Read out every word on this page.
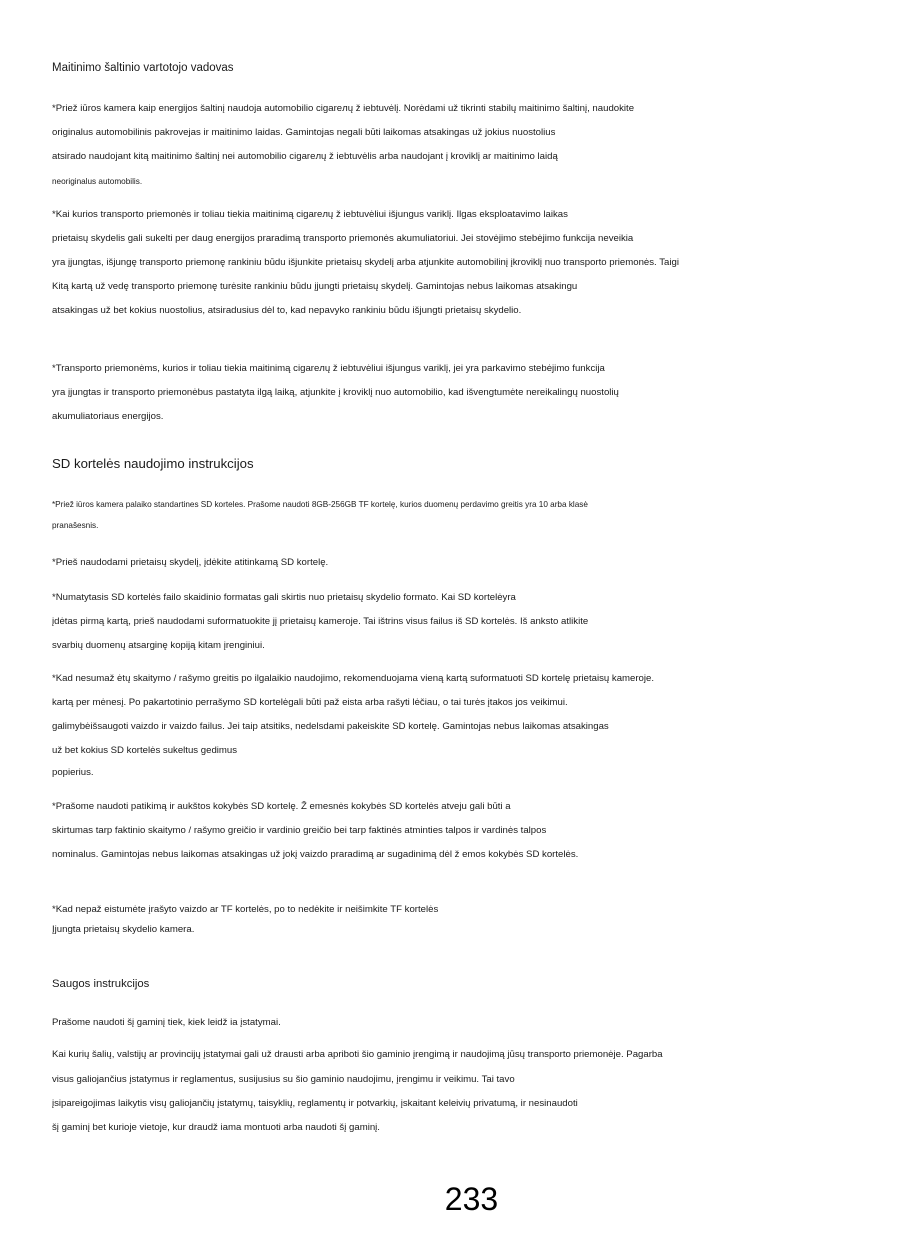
Maitinimo šaltinio vartotojo vadovas
*Priež iūros kamera kaip energijos šaltinį naudoja automobilio cigareлų ž iebtuvėlį. Norėdami už tikrinti stabilų maitinimo šaltinį, naudokite
originalus automobilinis pakrovejas ir maitinimo laidas. Gamintojas negali būti laikomas atsakingas už jokius nuostolius
atsirado naudojant kitą maitinimo šaltinį nei automobilio cigareлų ž iebtuvėlis arba naudojant į kroviklį ar maitinimo laidą
neoriginalus automobilis.
*Kai kurios transporto priemonės ir toliau tiekia maitinimą cigareлų ž iebtuvėliui išjungus variklį. Ilgas eksploatavimo laikas
prietaisų skydelis gali sukelti per daug energijos praradimą transporto priemonės akumuliatoriui. Jei stovėjimo stebėjimo funkcija neveikia
yra įjungtas, išjungę transporto priemonę rankiniu būdu išjunkite prietaisų skydelį arba atjunkite automobilinį įkroviklį nuo transporto priemonės. Taigi
Kitą kartą už vedę transporto priemonę turėsite rankiniu būdu įjungti prietaisų skydelį. Gamintojas nebus laikomas atsakingu
atsakingas už bet kokius nuostolius, atsiradusius dėl to, kad nepavyko rankiniu būdu išjungti prietaisų skydelio.
*Transporto priemonėms, kurios ir toliau tiekia maitinimą cigareлų ž iebtuvėliui išjungus variklį, jei yra parkavimo stebėjimo funkcija
yra įjungtas ir transporto priemonėbus pastatyta ilgą laiką, atjunkite į kroviklį nuo automobilio, kad išvengtumėte nereikalingų nuostolių
akumuliatoriaus energijos.
SD kortelės naudojimo instrukcijos
*Priež iūros kamera palaiko standartines SD korteles. Prašome naudoti 8GB-256GB TF kortelę, kurios duomenų perdavimo greitis yra 10 arba klasė
pranašesnis.
*Prieš naudodami prietaisų skydelį, įdėkite atitinkamą SD kortelę.
*Numatytasis SD kortelės failo skaidinio formatas gali skirtis nuo prietaisų skydelio formato. Kai SD kortelėyra
įdėtas pirmą kartą, prieš naudodami suformatuokite jį prietaisų kameroje. Tai ištrins visus failus iš SD kortelės. Iš anksto atlikite
svarbių duomenų atsarginę kopiją kitam įrenginiui.
*Kad nesumaž ėtų skaitymo / rašymo greitis po ilgalaikio naudojimo, rekomenduojama vieną kartą suformatuoti SD kortelę prietaisų kameroje.
kartą per mėnesį. Po pakartotinio perrašymo SD kortelėgali būti paž eista arba rašyti lėčiau, o tai turės įtakos jos veikimui.
galimybėišsaugoti vaizdo ir vaizdo failus. Jei taip atsitiks, nedelsdami pakeiskite SD kortelę. Gamintojas nebus laikomas atsakingas
už bet kokius SD kortelės sukeltus gedimus
popierius.
*Prašome naudoti patikimą ir aukštos kokybės SD kortelę. Ž emesnės kokybės SD kortelės atveju gali būti a
skirtumas tarp faktinio skaitymo / rašymo greičio ir vardinio greičio bei tarp faktinės atminties talpos ir vardinės talpos
nominalus. Gamintojas nebus laikomas atsakingas už jokį vaizdo praradimą ar sugadinimą dėl ž emos kokybės SD kortelės.
*Kad nepaž eistumėte įrašyto vaizdo ar TF kortelės, po to nedėkite ir neišimkite TF kortelės
Įjungta prietaisų skydelio kamera.
Saugos instrukcijos
Prašome naudoti šį gaminį tiek, kiek leidž ia įstatymai.
Kai kurių šalių, valstijų ar provincijų įstatymai gali už drausti arba apriboti šio gaminio įrengimą ir naudojimą jūsų transporto priemonėje. Pagarba
visus galiojančius įstatymus ir reglamentus, susijusius su šio gaminio naudojimu, įrengimu ir veikimu. Tai tavo
įsipareigojimas laikytis visų galiojančių įstatymų, taisyklių, reglamentų ir potvarkių, įskaitant keleivių privatumą, ir nesinaudoti
šį gaminį bet kurioje vietoje, kur draudž iama montuoti arba naudoti šį gaminį.
233
